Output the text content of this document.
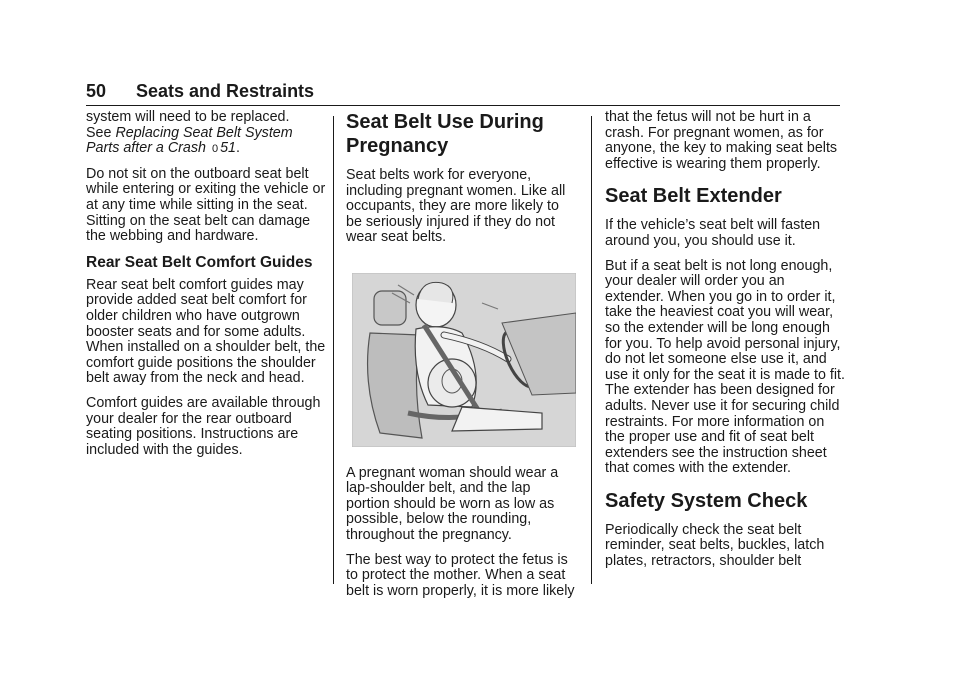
50 Seats and Restraints

system will need to be replaced.
See Replacing Seat Belt System Parts after a Crash 0 51.

Do not sit on the outboard seat belt while entering or exiting the vehicle or at any time while sitting in the seat. Sitting on the seat belt can damage the webbing and hardware.

Rear Seat Belt Comfort Guides

Rear seat belt comfort guides may provide added seat belt comfort for older children who have outgrown booster seats and for some adults. When installed on a shoulder belt, the comfort guide positions the shoulder belt away from the neck and head.

Comfort guides are available through your dealer for the rear outboard seating positions. Instructions are included with the guides.

Seat Belt Use During Pregnancy

Seat belts work for everyone, including pregnant women. Like all occupants, they are more likely to be seriously injured if they do not wear seat belts.

A pregnant woman should wear a lap-shoulder belt, and the lap portion should be worn as low as possible, below the rounding, throughout the pregnancy.

The best way to protect the fetus is to protect the mother. When a seat belt is worn properly, it is more likely

that the fetus will not be hurt in a crash. For pregnant women, as for anyone, the key to making seat belts effective is wearing them properly.

Seat Belt Extender

If the vehicle’s seat belt will fasten around you, you should use it.

But if a seat belt is not long enough, your dealer will order you an extender. When you go in to order it, take the heaviest coat you will wear, so the extender will be long enough for you. To help avoid personal injury, do not let someone else use it, and use it only for the seat it is made to fit. The extender has been designed for adults. Never use it for securing child restraints. For more information on the proper use and fit of seat belt extenders see the instruction sheet that comes with the extender.

Safety System Check

Periodically check the seat belt reminder, seat belts, buckles, latch plates, retractors, shoulder belt
